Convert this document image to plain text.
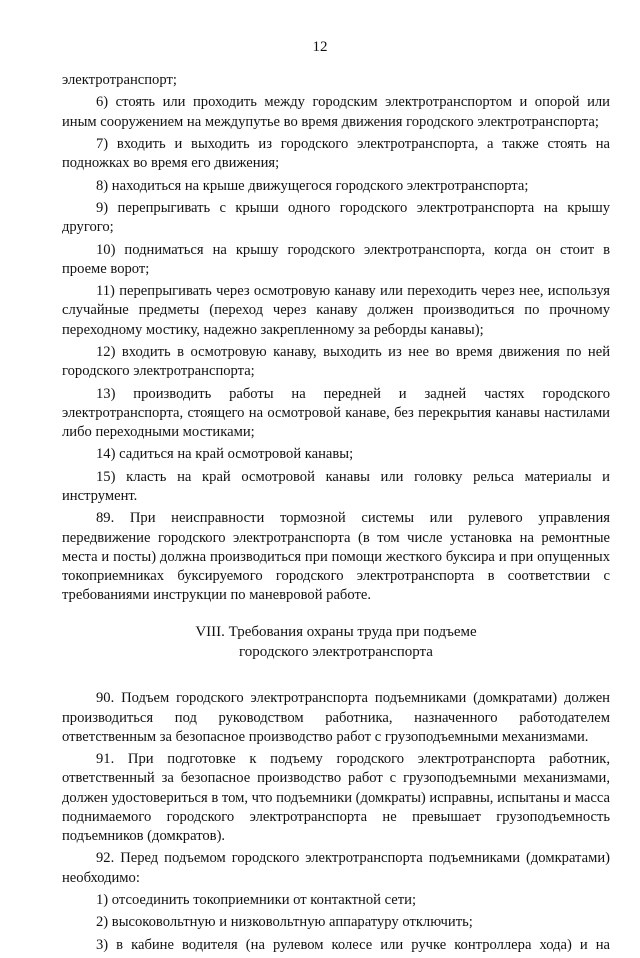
12

электротранспорт;

6) стоять или проходить между городским электротранспортом и опорой или иным сооружением на междупутье во время движения городского электротранспорта;

7) входить и выходить из городского электротранспорта, а также стоять на подножках во время его движения;

8) находиться на крыше движущегося городского электротранспорта;

9) перепрыгивать с крыши одного городского электротранспорта на крышу другого;

10) подниматься на крышу городского электротранспорта, когда он стоит в проеме ворот;

11) перепрыгивать через осмотровую канаву или переходить через нее, используя случайные предметы (переход через канаву должен производиться по прочному переходному мостику, надежно закрепленному за реборды канавы);

12) входить в осмотровую канаву, выходить из нее во время движения по ней городского электротранспорта;

13) производить работы на передней и задней частях городского электротранспорта, стоящего на осмотровой канаве, без перекрытия канавы настилами либо переходными мостиками;

14) садиться на край осмотровой канавы;

15) класть на край осмотровой канавы или головку рельса материалы и инструмент.

89. При неисправности тормозной системы или рулевого управления передвижение городского электротранспорта (в том числе установка на ремонтные места и посты) должна производиться при помощи жесткого буксира и при опущенных токоприемниках буксируемого городского электротранспорта в соответствии с требованиями инструкции по маневровой работе.

VIII. Требования охраны труда при подъеме
городского электротранспорта

90. Подъем городского электротранспорта подъемниками (домкратами) должен производиться под руководством работника, назначенного работодателем ответственным за безопасное производство работ с грузоподъемными механизмами.

91. При подготовке к подъему городского электротранспорта работник, ответственный за безопасное производство работ с грузоподъемными механизмами, должен удостовериться в том, что подъемники (домкраты) исправны, испытаны и масса поднимаемого городского электротранспорта не превышает грузоподъемность подъемников (домкратов).

92. Перед подъемом городского электротранспорта подъемниками (домкратами) необходимо:

1) отсоединить токоприемники от контактной сети;

2) высоковольтную и низковольтную аппаратуру отключить;

3) в кабине водителя (на рулевом колесе или ручке контроллера хода) и на
